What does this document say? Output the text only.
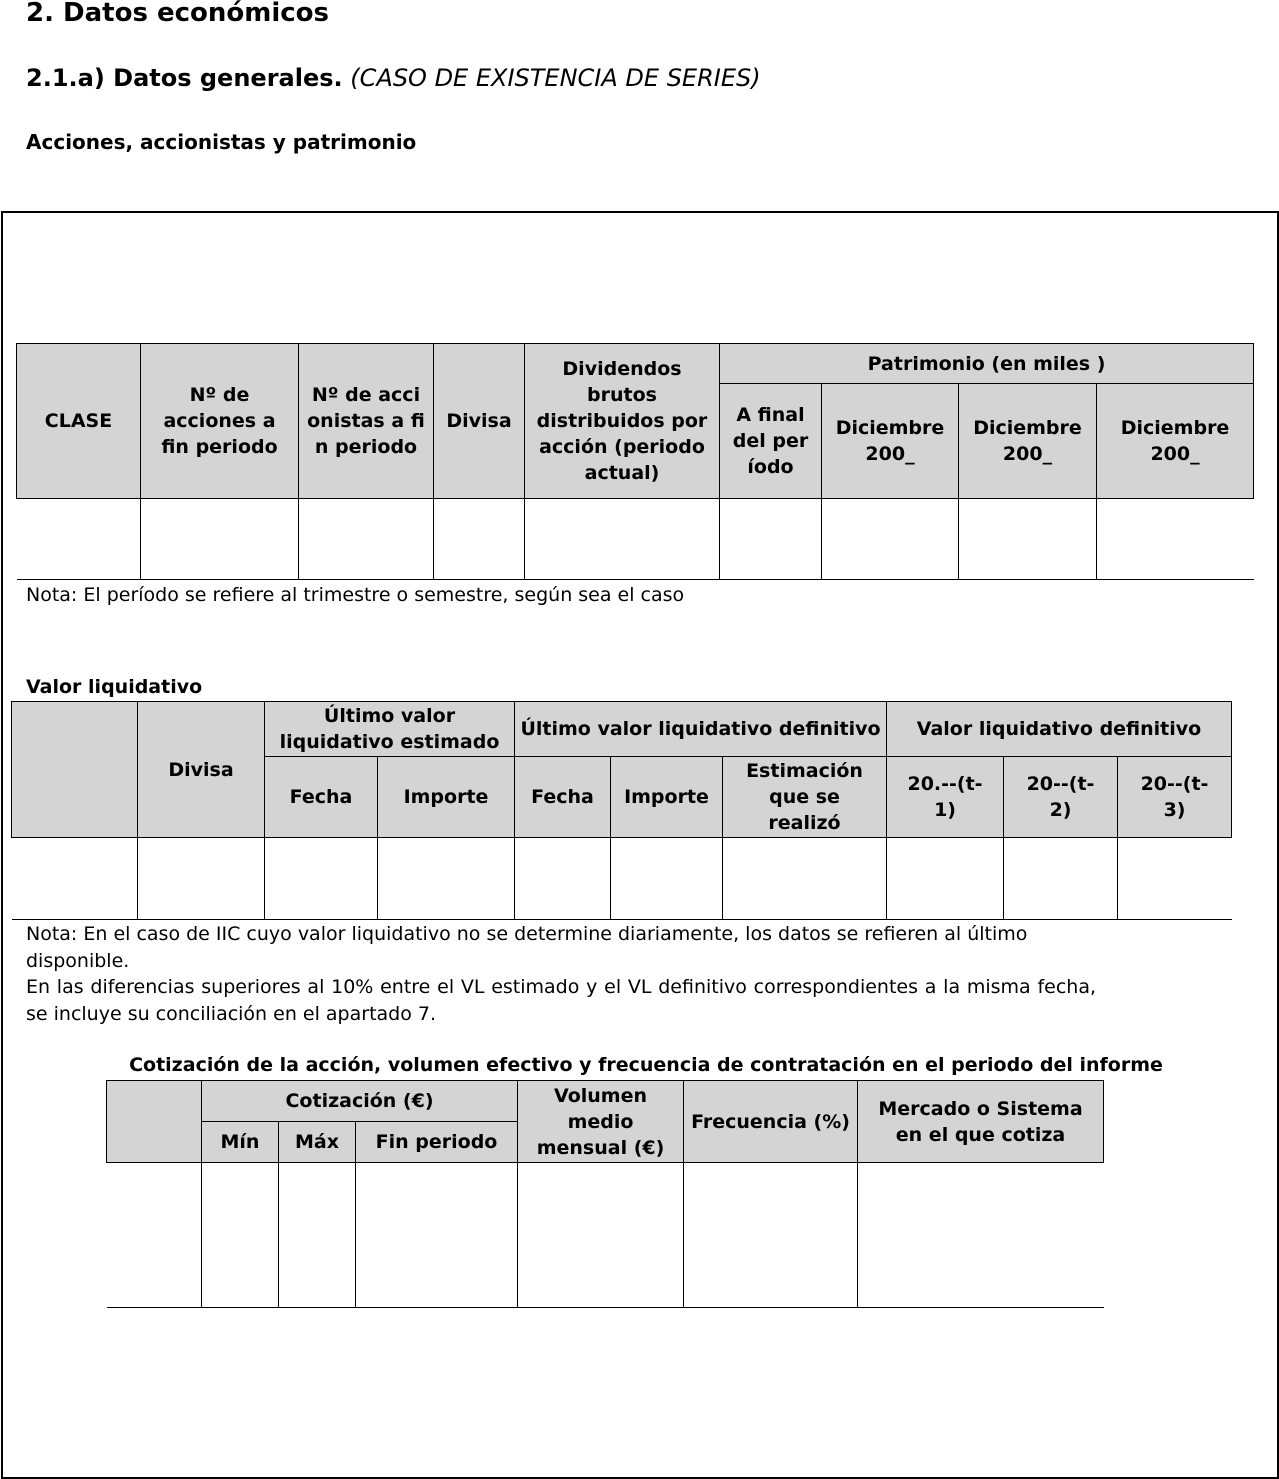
2. Datos económicos
2.1.a) Datos generales. (CASO DE EXISTENCIA DE SERIES)
Acciones, accionistas y patrimonio
CLASE	Nº de acciones a fin periodo	Nº de accionistas a fin periodo	Divisa	Dividendos brutos distribuidos por acción (periodo actual)	Patrimonio (en miles )			
					A final del período	Diciembre 200_	Diciembre 200_	Diciembre 200_

Nota: El período se refiere al trimestre o semestre, según sea el caso
Valor liquidativo
	Divisa	Último valor liquidativo estimado		Último valor liquidativo definitivo			Valor liquidativo definitivo		
		Fecha	Importe	Fecha	Importe	Estimación que se realizó	20.--(t-1)	20--(t-2)	20--(t-3)

Nota: En el caso de IIC cuyo valor liquidativo no se determine diariamente, los datos se refieren al último disponible.
En las diferencias superiores al 10% entre el VL estimado y el VL definitivo correspondientes a la misma fecha, se incluye su conciliación en el apartado 7.
Cotización de la acción, volumen efectivo y frecuencia de contratación en el periodo del informe
	Cotización (€)			Volumen medio mensual (€)	Frecuencia (%)	Mercado o Sistema en el que cotiza
	Mín	Máx	Fin periodo			
